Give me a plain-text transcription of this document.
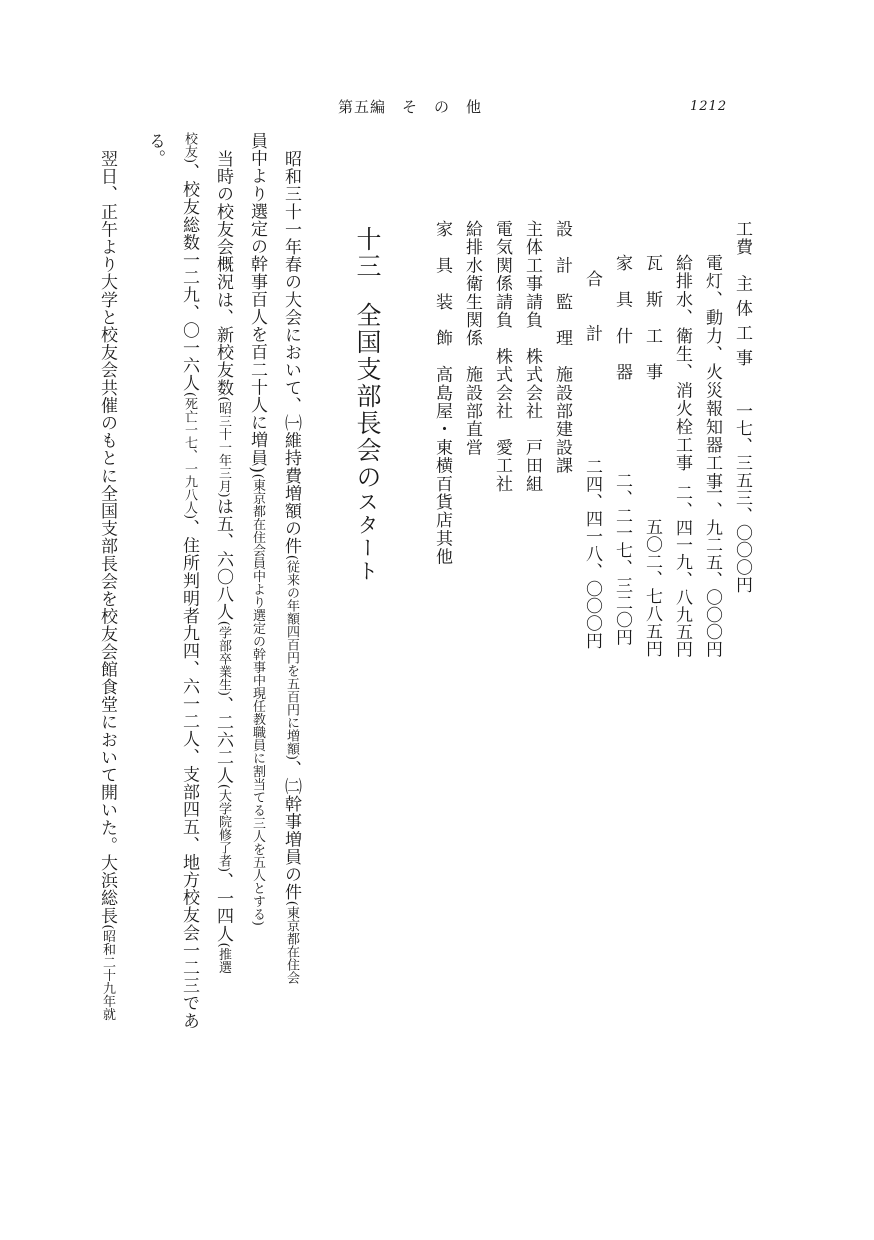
第五編　そ　の　他	1212
工費　主 体 工 事
一七、三五三、〇〇〇円
電灯、動力、火災報知器工事
一、九二五、〇〇〇円
給排水、衛生、消火栓工事
二、四一九、八九五円
瓦　斯　工　事
五〇二、七八五円
家　具　什　器
二、二一七、三二〇円
合　　計
二四、四一八、〇〇〇円
設　計　監　理　施設部建設課
主体工事請負　株式会社　戸田組
電気関係請負　株式会社　愛工社
給排水衛生関係　施設部直営
家　具　装　飾　高島屋・東横百貨店其他
十三全国支部長会のスタート
昭和三十一年春の大会において、㈠維持費増額の件(従来の年額四百円を五百円に増額)、㈡幹事増員の件(東京都在住会
員中より選定の幹事百人を百二十人に増員)(東京都在住会員中より選定の幹事中現任教職員に割当てる三人を五人とする)
当時の校友会概況は、新校友数(昭三十一年三月)は五、六〇八人(学部卒業生)、二六二人(大学院修了者)、一四人(推選
校友)、校友総数一二九、〇一六人(死亡一七、一九八人)、住所判明者九四、六一二人、支部四五、地方校友会一二三であ
る。
翌日、正午より大学と校友会共催のもとに全国支部長会を校友会館食堂において開いた。大浜総長(昭和二十九年就
